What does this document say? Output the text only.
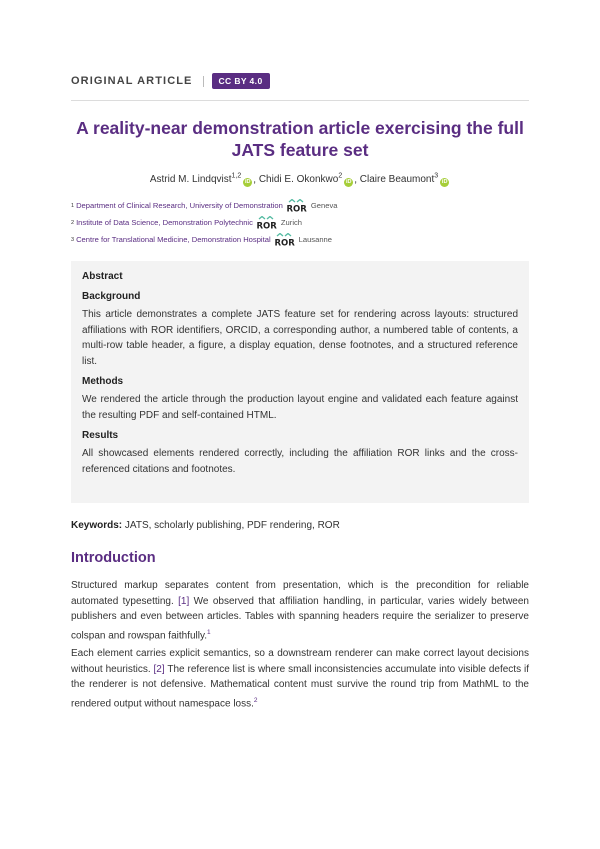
ORIGINAL ARTICLE	CC BY 4.0
A reality-near demonstration article exercising the full JATS feature set
Astrid M. Lindqvist$^{1,2}$iD , Chidi E. Okonkwo$^2$iD , Claire Beaumont$^3$iD
1 Department of Clinical Research, University of Demonstration ROR Geneva
2 Institute of Data Science, Demonstration Polytechnic ROR Zurich
3 Centre for Translational Medicine, Demonstration Hospital ROR Lausanne
Abstract
Background

This article demonstrates a complete JATS feature set for rendering across layouts: structured affiliations with ROR identifiers, ORCID, a corresponding author, a numbered table of contents, a multi-row table header, a figure, a display equation, dense footnotes, and a structured reference list.

Methods

We rendered the article through the production layout engine and validated each feature against the resulting PDF and self-contained HTML.

Results

All showcased elements rendered correctly, including the affiliation ROR links and the cross-referenced citations and footnotes.

Keywords: JATS, scholarly publishing, PDF rendering, ROR
Introduction

Structured markup separates content from presentation, which is the precondition for reliable automated typesetting. [1] We observed that affiliation handling, in particular, varies widely between publishers and even between articles. Tables with spanning headers require the serializer to preserve colspan and rowspan faithfully.$^1$

Each element carries explicit semantics, so a downstream renderer can make correct layout decisions without heuristics. [2] The reference list is where small inconsistencies accumulate into visible defects if the renderer is not defensive. Mathematical content must survive the round trip from MathML to the rendered output without namespace loss.$^2$
